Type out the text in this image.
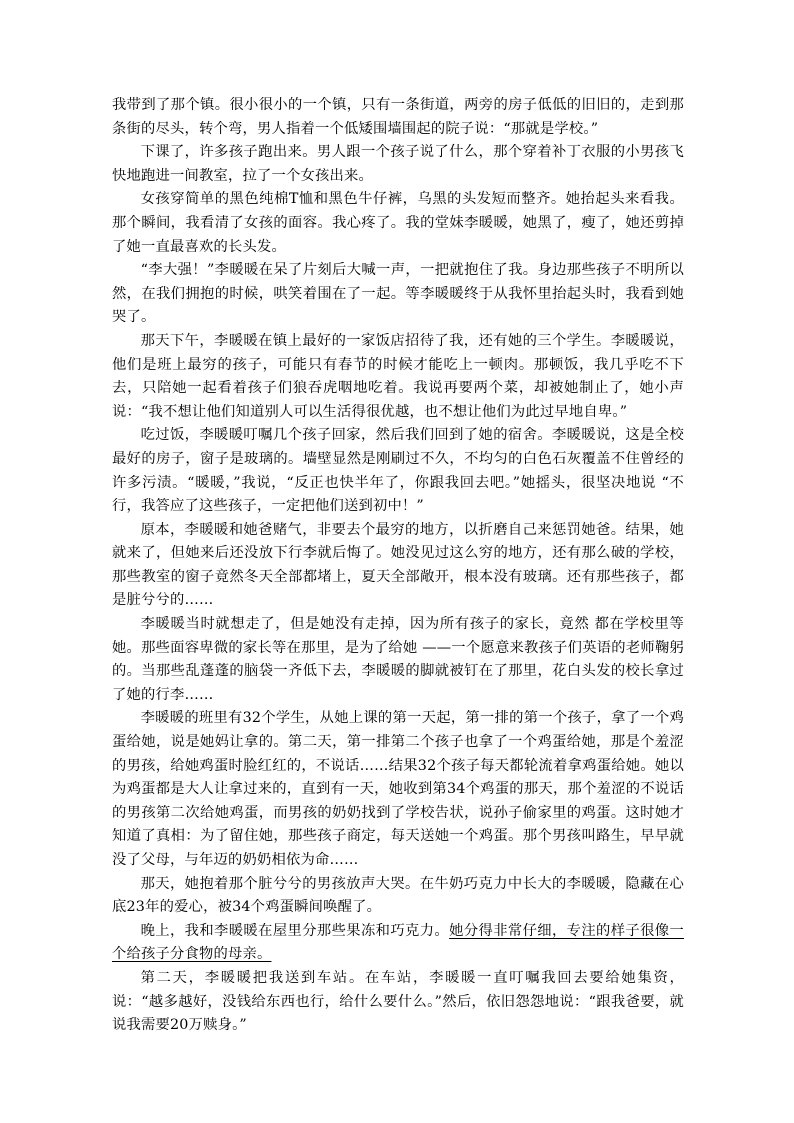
我带到了那个镇。很小很小的一个镇，只有一条街道，两旁的房子低低的旧旧的，走到那条街的尽头，转个弯，男人指着一个低矮围墙围起的院子说：“那就是学校。”

下课了，许多孩子跑出来。男人跟一个孩子说了什么，那个穿着补丁衣服的小男孩飞快地跑进一间教室，拉了一个女孩出来。

女孩穿简单的黑色纯棉T恤和黑色牛仔裤，乌黑的头发短而整齐。她抬起头来看我。那个瞬间，我看清了女孩的面容。我心疼了。我的堂妹李暖暖，她黑了，瘦了，她还剪掉了她一直最喜欢的长头发。

“李大强！”李暖暖在呆了片刻后大喊一声，一把就抱住了我。身边那些孩子不明所以然，在我们拥抱的时候，哄笑着围在了一起。等李暖暖终于从我怀里抬起头时，我看到她哭了。

那天下午，李暖暖在镇上最好的一家饭店招待了我，还有她的三个学生。李暖暖说，他们是班上最穷的孩子，可能只有春节的时候才能吃上一顿肉。那顿饭，我几乎吃不下去，只陪她一起看着孩子们狼吞虎咽地吃着。我说再要两个菜，却被她制止了，她小声说：“我不想让他们知道别人可以生活得很优越，也不想让他们为此过早地自卑。”

吃过饭，李暖暖叮嘱几个孩子回家，然后我们回到了她的宿舍。李暖暖说，这是全校最好的房子，窗子是玻璃的。墙壁显然是刚刷过不久，不均匀的白色石灰覆盖不住曾经的许多污渍。“暖暖，”我说，“反正也快半年了，你跟我回去吧。”她摇头，很坚决地说 “不行，我答应了这些孩子，一定把他们送到初中！”

原本，李暖暖和她爸赌气，非要去个最穷的地方，以折磨自己来惩罚她爸。结果，她就来了，但她来后还没放下行李就后悔了。她没见过这么穷的地方，还有那么破的学校，那些教室的窗子竟然冬天全部都堵上，夏天全部敞开，根本没有玻璃。还有那些孩子，都是脏兮兮的……

李暖暖当时就想走了，但是她没有走掉，因为所有孩子的家长，竟然 都在学校里等她。那些面容卑微的家长等在那里，是为了给她 ——一个愿意来教孩子们英语的老师鞠躬的。当那些乱蓬蓬的脑袋一齐低下去，李暖暖的脚就被钉在了那里，花白头发的校长拿过了她的行李……

李暖暖的班里有32个学生，从她上课的第一天起，第一排的第一个孩子，拿了一个鸡蛋给她，说是她妈让拿的。第二天，第一排第二个孩子也拿了一个鸡蛋给她，那是个羞涩的男孩，给她鸡蛋时脸红红的，不说话……结果32个孩子每天都轮流着拿鸡蛋给她。她以为鸡蛋都是大人让拿过来的，直到有一天，她收到第34个鸡蛋的那天，那个羞涩的不说话的男孩第二次给她鸡蛋，而男孩的奶奶找到了学校告状，说孙子偷家里的鸡蛋。这时她才知道了真相：为了留住她，那些孩子商定，每天送她一个鸡蛋。那个男孩叫路生，早早就没了父母，与年迈的奶奶相依为命……

那天，她抱着那个脏兮兮的男孩放声大哭。在牛奶巧克力中长大的李暖暖，隐藏在心底23年的爱心，被34个鸡蛋瞬间唤醒了。

晚上，我和李暖暖在屋里分那些果冻和巧克力。她分得非常仔细，专注的样子很像一个给孩子分食物的母亲。

第二天，李暖暖把我送到车站。在车站，李暖暖一直叮嘱我回去要给她集资，说：“越多越好，没钱给东西也行，给什么要什么。”然后，依旧怨怨地说：“跟我爸要，就说我需要20万赎身。”
